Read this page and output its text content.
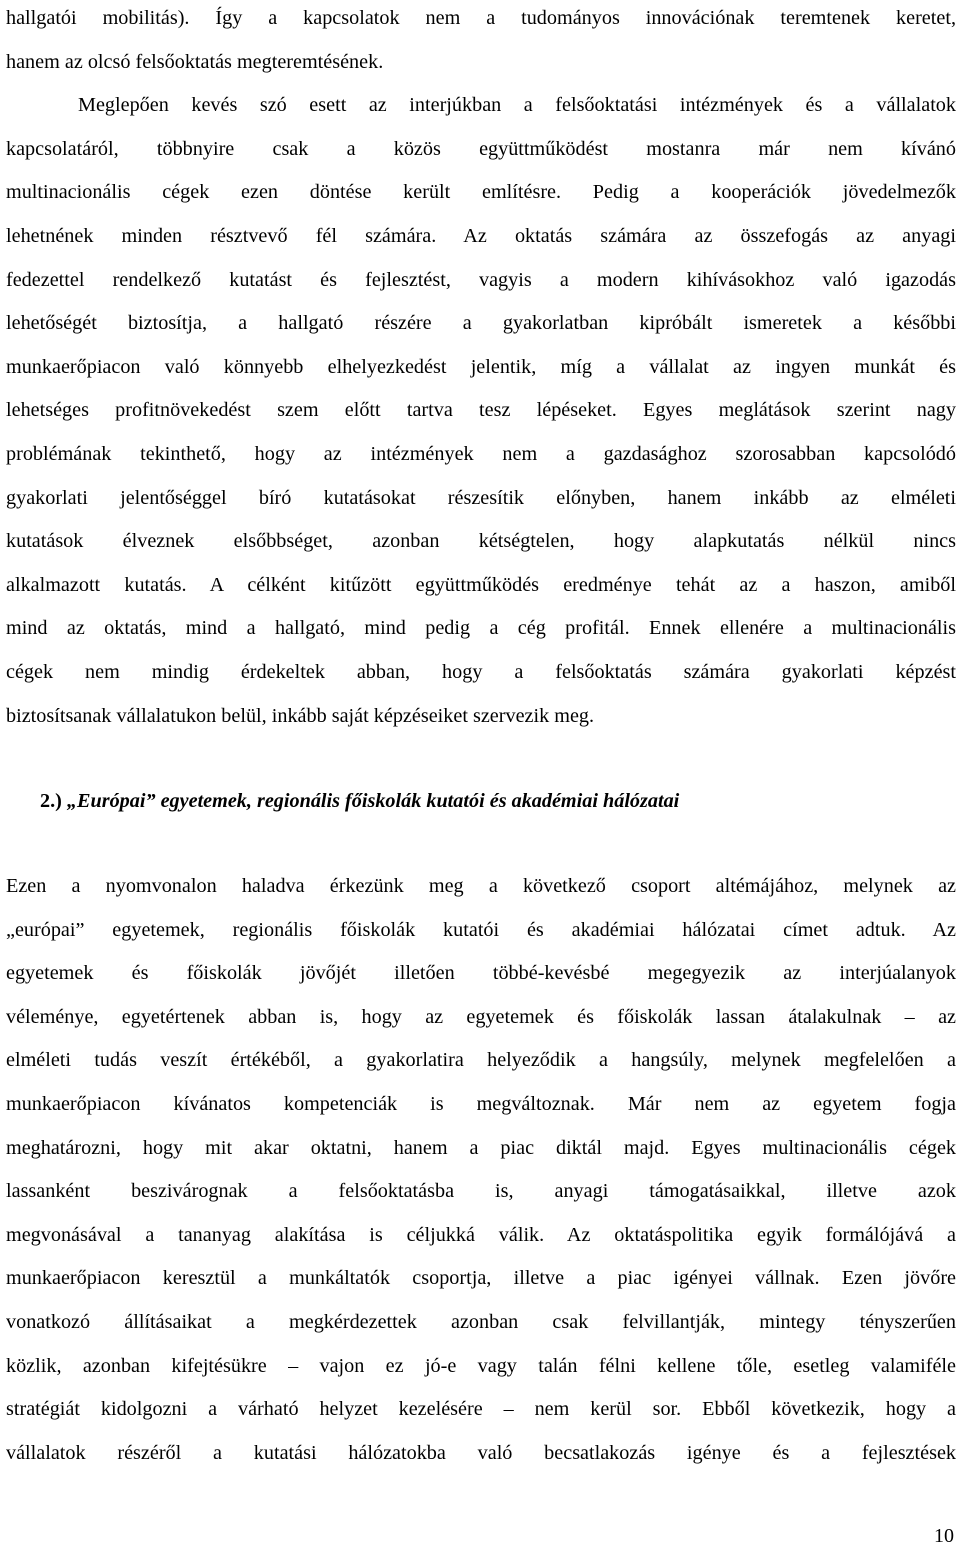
hallgatói mobilitás). Így a kapcsolatok nem a tudományos innovációnak teremtenek keretet,
hanem az olcsó felsőoktatás megteremtésének.
Meglepően kevés szó esett az interjúkban a felsőoktatási intézmények és a vállalatok
kapcsolatáról, többnyire csak a közös együttműködést mostanra már nem kívánó
multinacionális cégek ezen döntése került említésre. Pedig a kooperációk jövedelmezők
lehetnének minden résztvevő fél számára. Az oktatás számára az összefogás az anyagi
fedezettel rendelkező kutatást és fejlesztést, vagyis a modern kihívásokhoz való igazodás
lehetőségét biztosítja, a hallgató részére a gyakorlatban kipróbált ismeretek a későbbi
munkaerőpiacon való könnyebb elhelyezkedést jelentik, míg a vállalat az ingyen munkát és
lehetséges profitnövekedést szem előtt tartva tesz lépéseket. Egyes meglátások szerint nagy
problémának tekinthető, hogy az intézmények nem a gazdasághoz szorosabban kapcsolódó
gyakorlati jelentőséggel bíró kutatásokat részesítik előnyben, hanem inkább az elméleti
kutatások élveznek elsőbbséget, azonban kétségtelen, hogy alapkutatás nélkül nincs
alkalmazott kutatás. A célként kitűzött együttműködés eredménye tehát az a haszon, amiből
mind az oktatás, mind a hallgató, mind pedig a cég profitál. Ennek ellenére a multinacionális
cégek nem mindig érdekeltek abban, hogy a felsőoktatás számára gyakorlati képzést
biztosítsanak vállalatukon belül, inkább saját képzéseiket szervezik meg.
2.) „Európai” egyetemek, regionális főiskolák kutatói és akadémiai hálózatai
Ezen a nyomvonalon haladva érkezünk meg a következő csoport altémájához, melynek az
„európai” egyetemek, regionális főiskolák kutatói és akadémiai hálózatai címet adtuk. Az
egyetemek és főiskolák jövőjét illetően többé-kevésbé megegyezik az interjúalanyok
véleménye, egyetértenek abban is, hogy az egyetemek és főiskolák lassan átalakulnak – az
elméleti tudás veszít értékéből, a gyakorlatira helyeződik a hangsúly, melynek megfelelően a
munkaerőpiacon kívánatos kompetenciák is megváltoznak. Már nem az egyetem fogja
meghatározni, hogy mit akar oktatni, hanem a piac diktál majd. Egyes multinacionális cégek
lassanként beszivárognak a felsőoktatásba is, anyagi támogatásaikkal, illetve azok
megvonásával a tananyag alakítása is céljukká válik. Az oktatáspolitika egyik formálójává a
munkaerőpiacon keresztül a munkáltatók csoportja, illetve a piac igényei vállnak. Ezen jövőre
vonatkozó állításaikat a megkérdezettek azonban csak felvillantják, mintegy tényszerűen
közlik, azonban kifejtésükre – vajon ez jó-e vagy talán félni kellene tőle, esetleg valamiféle
stratégiát kidolgozni a várható helyzet kezelésére – nem kerül sor. Ebből következik, hogy a
vállalatok részéről a kutatási hálózatokba való becsatlakozás igénye és a fejlesztések
10
